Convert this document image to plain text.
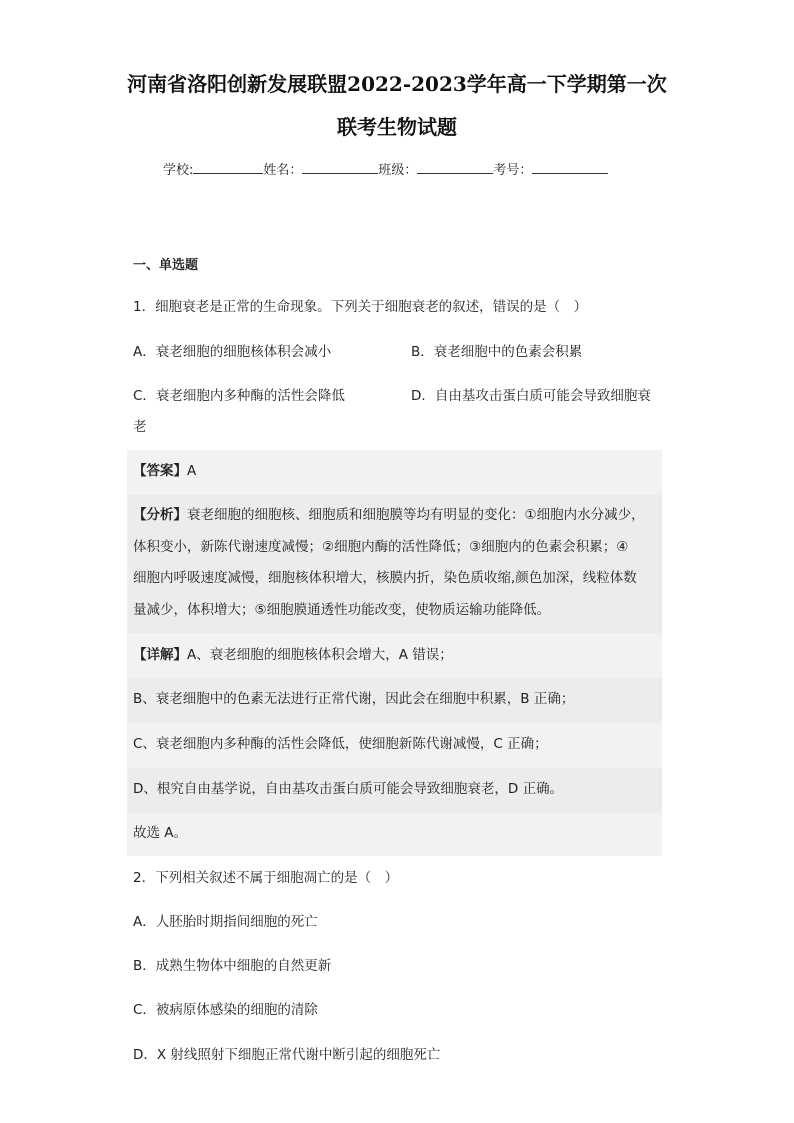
河南省洛阳创新发展联盟2022-2023学年高一下学期第一次
联考生物试题
学校:	姓名：	班级：	考号：
一、单选题
1．细胞衰老是正常的生命现象。下列关于细胞衰老的叙述，错误的是（　）
A．衰老细胞的细胞核体积会减小	B．衰老细胞中的色素会积累
C．衰老细胞内多种酶的活性会降低	D．自由基攻击蛋白质可能会导致细胞衰
老
【答案】A
【分析】衰老细胞的细胞核、细胞质和细胞膜等均有明显的变化：①细胞内水分减少，
体积变小，新陈代谢速度减慢；②细胞内酶的活性降低；③细胞内的色素会积累；④
细胞内呼吸速度减慢，细胞核体积增大，核膜内折，染色质收缩,颜色加深，线粒体数
量减少，体积增大；⑤细胞膜通透性功能改变，使物质运输功能降低。
【详解】A、衰老细胞的细胞核体积会增大，A 错误；
B、衰老细胞中的色素无法进行正常代谢，因此会在细胞中积累，B 正确；
C、衰老细胞内多种酶的活性会降低，使细胞新陈代谢减慢，C 正确；
D、根究自由基学说，自由基攻击蛋白质可能会导致细胞衰老，D 正确。
故选 A。
2．下列相关叙述不属于细胞凋亡的是（　）
A．人胚胎时期指间细胞的死亡
B．成熟生物体中细胞的自然更新
C．被病原体感染的细胞的清除
D．X 射线照射下细胞正常代谢中断引起的细胞死亡
